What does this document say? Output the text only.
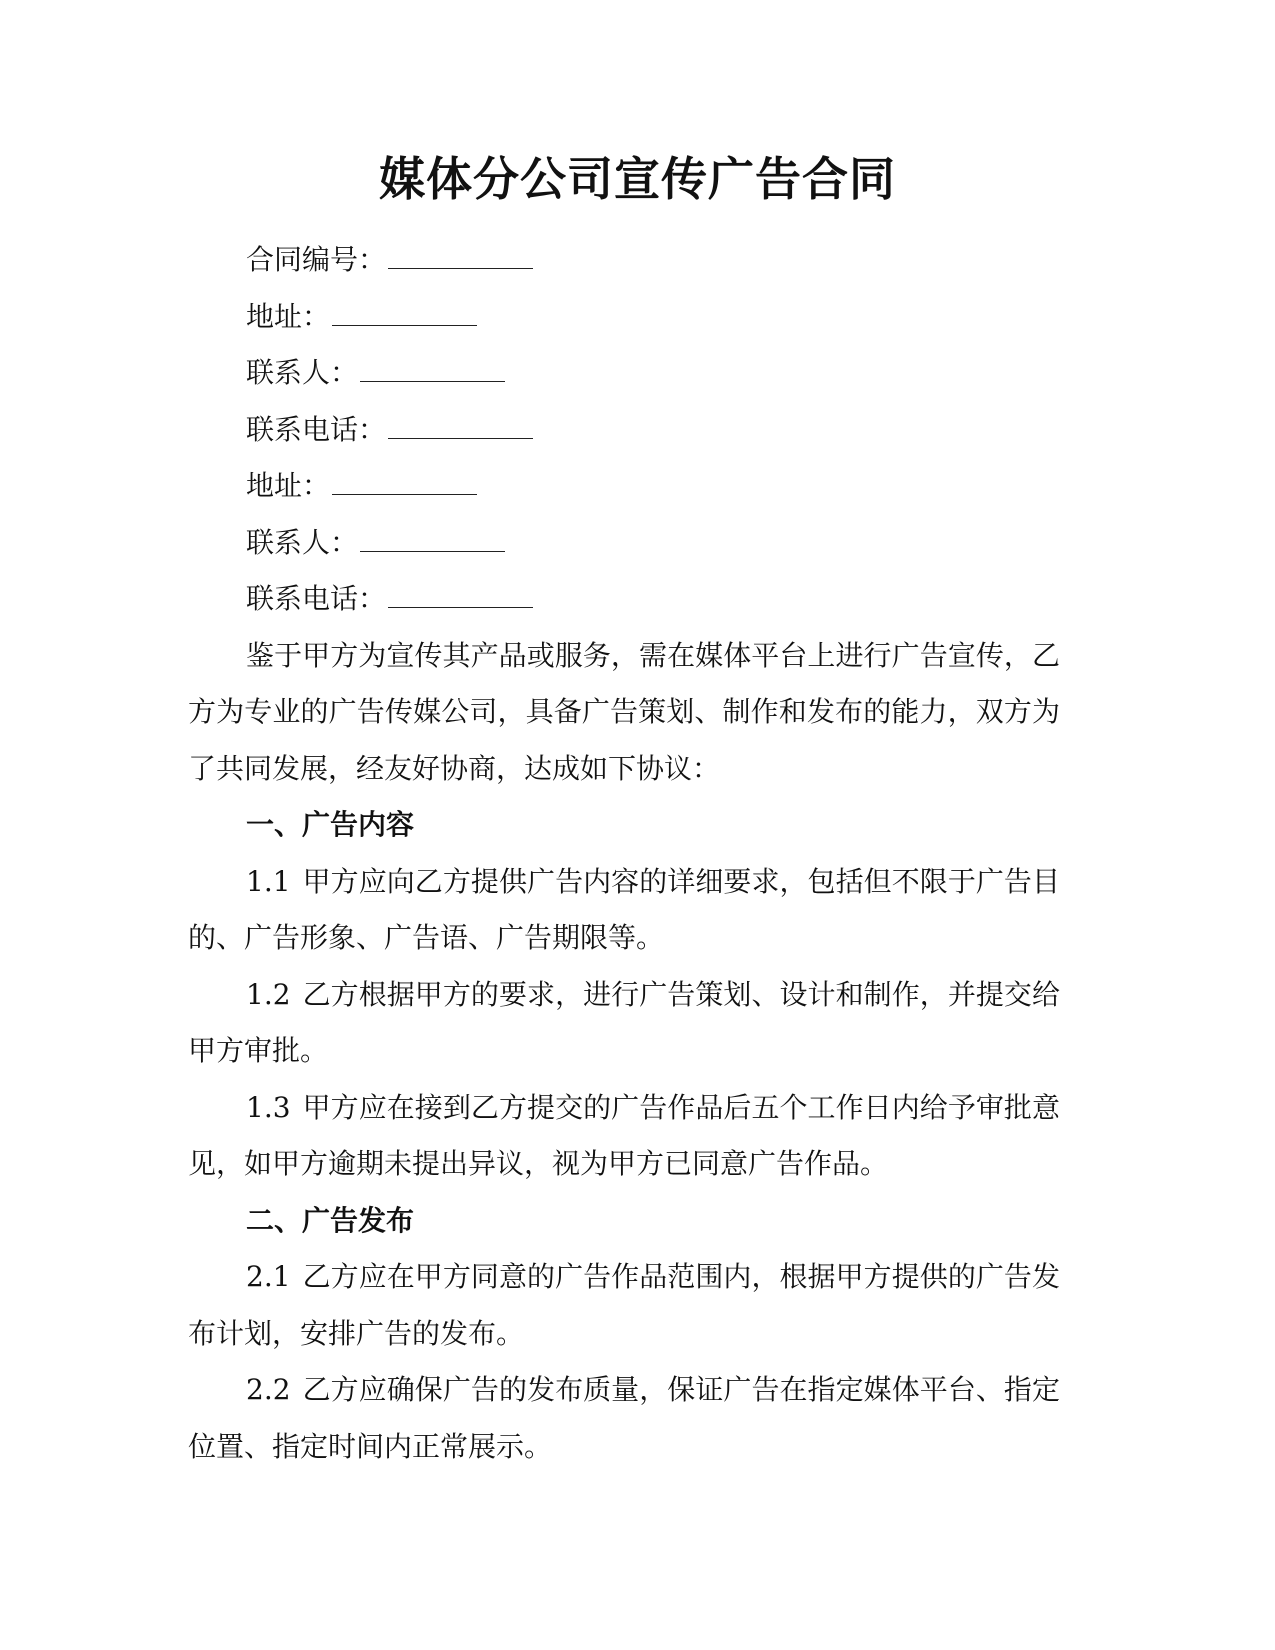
媒体分公司宣传广告合同

合同编号：

地址：

联系人：

联系电话：

地址：

联系人：

联系电话：

鉴于甲方为宣传其产品或服务，需在媒体平台上进行广告宣传，乙方为专业的广告传媒公司，具备广告策划、制作和发布的能力，双方为了共同发展，经友好协商，达成如下协议：

一、广告内容

1.1 甲方应向乙方提供广告内容的详细要求，包括但不限于广告目的、广告形象、广告语、广告期限等。

1.2 乙方根据甲方的要求，进行广告策划、设计和制作，并提交给甲方审批。

1.3 甲方应在接到乙方提交的广告作品后五个工作日内给予审批意见，如甲方逾期未提出异议，视为甲方已同意广告作品。

二、广告发布

2.1 乙方应在甲方同意的广告作品范围内，根据甲方提供的广告发布计划，安排广告的发布。

2.2 乙方应确保广告的发布质量，保证广告在指定媒体平台、指定位置、指定时间内正常展示。
